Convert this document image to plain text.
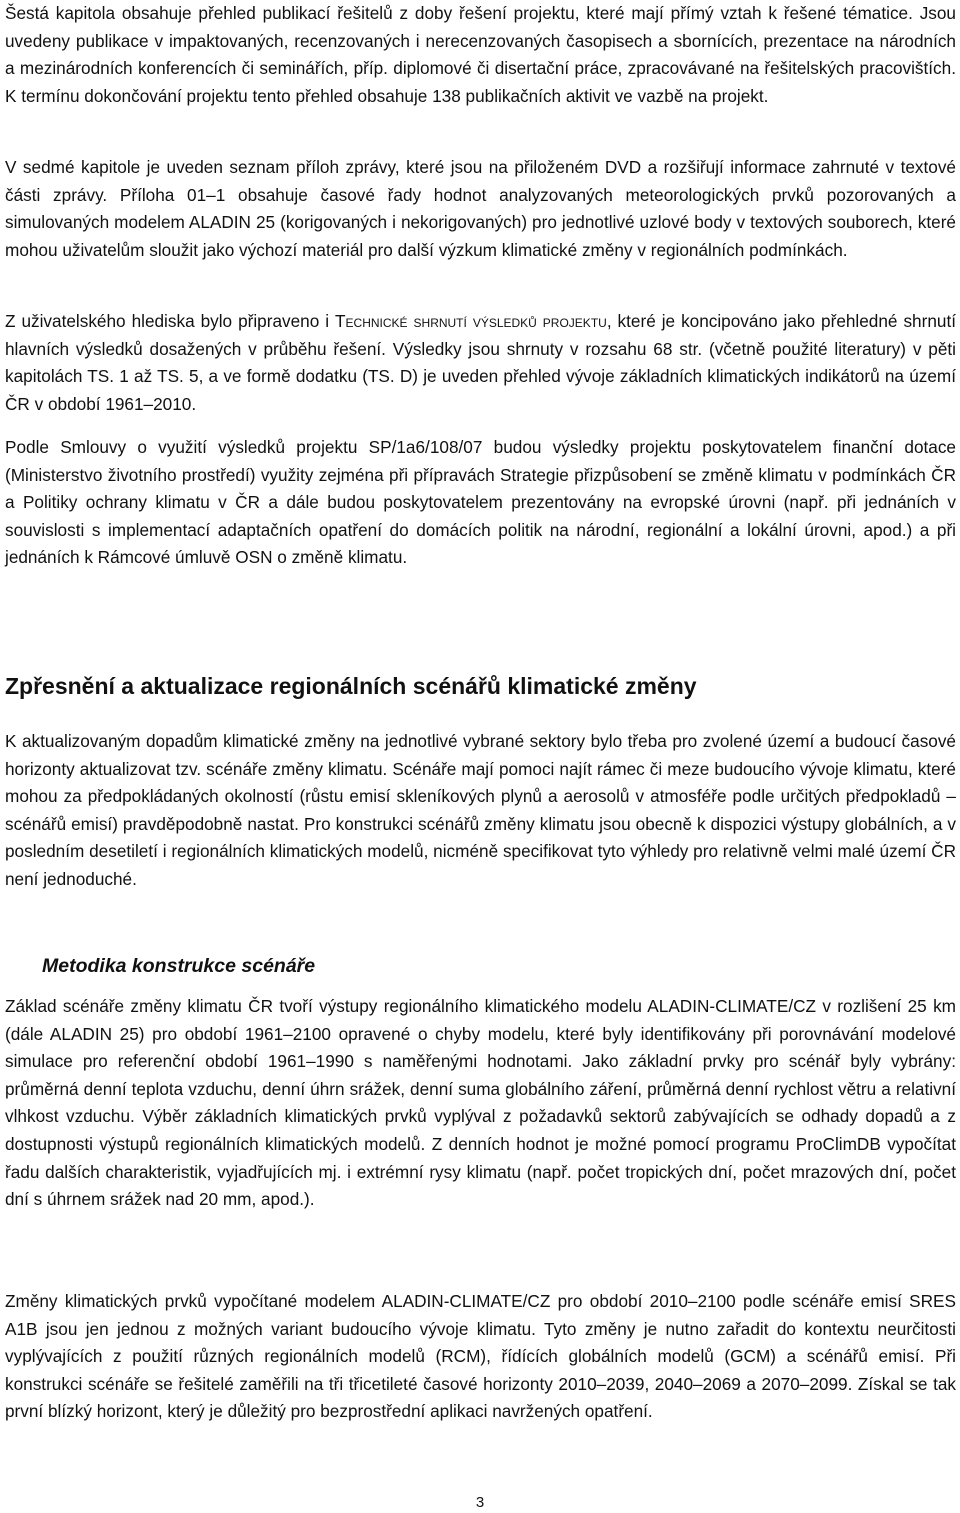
Šestá kapitola obsahuje přehled publikací řešitelů z doby řešení projektu, které mají přímý vztah k řešené tématice. Jsou uvedeny publikace v impaktovaných, recenzovaných i nerecenzovaných časopisech a sbornících, prezentace na národních a mezinárodních konferencích či seminářích, příp. diplomové či disertační práce, zpracovávané na řešitelských pracovištích. K termínu dokončování projektu tento přehled obsahuje 138 publikačních aktivit ve vazbě na projekt.

V sedmé kapitole je uveden seznam příloh zprávy, které jsou na přiloženém DVD a rozšiřují informace zahrnuté v textové části zprávy. Příloha 01–1 obsahuje časové řady hodnot analyzovaných meteorologických prvků pozorovaných a simulovaných modelem ALADIN 25 (korigovaných i nekorigovaných) pro jednotlivé uzlové body v textových souborech, které mohou uživatelům sloužit jako výchozí materiál pro další výzkum klimatické změny v regionálních podmínkách.

Z uživatelského hlediska bylo připraveno i Technické shrnutí výsledků projektu, které je koncipováno jako přehledné shrnutí hlavních výsledků dosažených v průběhu řešení. Výsledky jsou shrnuty v rozsahu 68 str. (včetně použité literatury) v pěti kapitolách TS. 1 až TS. 5, a ve formě dodatku (TS. D) je uveden přehled vývoje základních klimatických indikátorů na území ČR v období 1961–2010.

Podle Smlouvy o využití výsledků projektu SP/1a6/108/07 budou výsledky projektu poskytovatelem finanční dotace (Ministerstvo životního prostředí) využity zejména při přípravách Strategie přizpůsobení se změně klimatu v podmínkách ČR a Politiky ochrany klimatu v ČR a dále budou poskytovatelem prezentovány na evropské úrovni (např. při jednáních v souvislosti s implementací adaptačních opatření do domácích politik na národní, regionální a lokální úrovni, apod.) a při jednáních k Rámcové úmluvě OSN o změně klimatu.

Zpřesnění a aktualizace regionálních scénářů klimatické změny

K aktualizovaným dopadům klimatické změny na jednotlivé vybrané sektory bylo třeba pro zvolené území a budoucí časové horizonty aktualizovat tzv. scénáře změny klimatu. Scénáře mají pomoci najít rámec či meze budoucího vývoje klimatu, které mohou za předpokládaných okolností (růstu emisí skleníkových plynů a aerosolů v atmosféře podle určitých předpokladů – scénářů emisí) pravděpodobně nastat. Pro konstrukci scénářů změny klimatu jsou obecně k dispozici výstupy globálních, a v posledním desetiletí i regionálních klimatických modelů, nicméně specifikovat tyto výhledy pro relativně velmi malé území ČR není jednoduché.

Metodika konstrukce scénáře

Základ scénáře změny klimatu ČR tvoří výstupy regionálního klimatického modelu ALADIN-CLIMATE/CZ v rozlišení 25 km (dále ALADIN 25) pro období 1961–2100 opravené o chyby modelu, které byly identifikovány při porovnávání modelové simulace pro referenční období 1961–1990 s naměřenými hodnotami. Jako základní prvky pro scénář byly vybrány: průměrná denní teplota vzduchu, denní úhrn srážek, denní suma globálního záření, průměrná denní rychlost větru a relativní vlhkost vzduchu. Výběr základních klimatických prvků vyplýval z požadavků sektorů zabývajících se odhady dopadů a z dostupnosti výstupů regionálních klimatických modelů. Z denních hodnot je možné pomocí programu ProClimDB vypočítat řadu dalších charakteristik, vyjadřujících mj. i extrémní rysy klimatu (např. počet tropických dní, počet mrazových dní, počet dní s úhrnem srážek nad 20 mm, apod.).

Změny klimatických prvků vypočítané modelem ALADIN-CLIMATE/CZ pro období 2010–2100 podle scénáře emisí SRES A1B jsou jen jednou z možných variant budoucího vývoje klimatu. Tyto změny je nutno zařadit do kontextu neurčitosti vyplývajících z použití různých regionálních modelů (RCM), řídících globálních modelů (GCM) a scénářů emisí. Při konstrukci scénáře se řešitelé zaměřili na tři třicetileté časové horizonty 2010–2039, 2040–2069 a 2070–2099. Získal se tak první blízký horizont, který je důležitý pro bezprostřední aplikaci navržených opatření.

3
